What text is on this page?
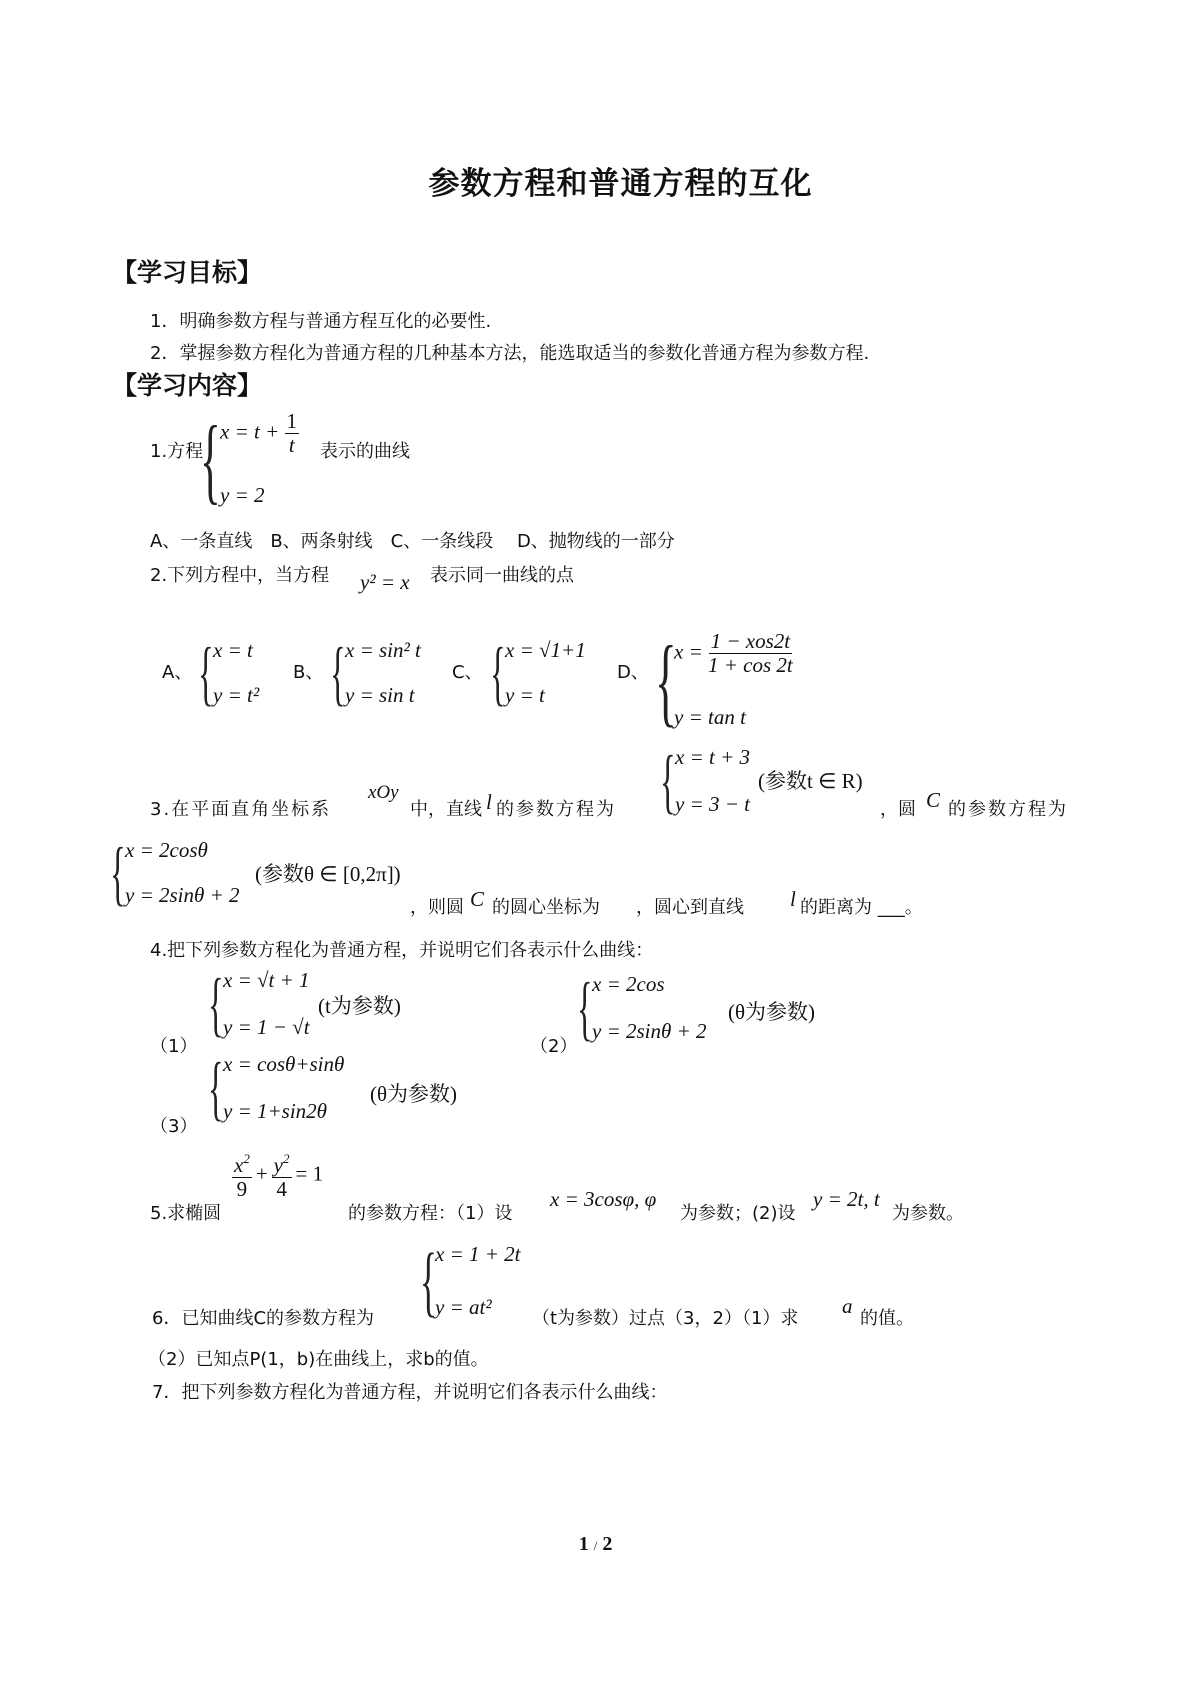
参数方程和普通方程的互化
【学习目标】
1．明确参数方程与普通方程互化的必要性.
2．掌握参数方程化为普通方程的几种基本方法，能选取适当的参数化普通方程为参数方程.
【学习内容】
1.方程
{ $x = t + \frac{1}{t}$
y = 2
表示的曲线
A、一条直线　B、两条射线　C、一条线段　 D、抛物线的一部分
2.下列方程中，当方程 y² = x 表示同一曲线的点
A、 { x = t
y = t²
B、 { x = sin² t
y = sin t
C、 { x = √1+1
y = t
D、 {
$x = \frac{\text{1 − xos2t}}{1 + \cos 2t}$
y = tan t
3.在平面直角坐标系
xOy
中，直线 l 的参数方程为 { x = t + 3
y = 3 − t
(参数t ∈ R)
，圆 C 的参数方程为
{ x = 2cosθ
y = 2sinθ + 2
(参数θ ∈ [0,2π])
，则圆 C 的圆心坐标为　　，圆心到直线 l 的距离为 ___。
4.把下列参数方程化为普通方程，并说明它们各表示什么曲线：
（1）
{ x = √t + 1
y = 1 − √t
(t为参数)
（2） { x = 2cos
y = 2sinθ + 2
(θ为参数)
（3） { x = cosθ+sinθ
y = 1+sin2θ
(θ为参数)
5.求椭圆
$\frac{x^2}{9} + \frac{y^2}{4} = 1$
的参数方程：（1）设
x = 3cosφ, φ
为参数；(2)设
y = 2t, t
为参数。
6．已知曲线C的参数方程为 {
x = 1 + 2t
y = at²	（t为参数）过点（3，2）（1）求
a
的值。
（2）已知点P(1，b)在曲线上，求b的值。
7．把下列参数方程化为普通方程，并说明它们各表示什么曲线：
1 / 2
